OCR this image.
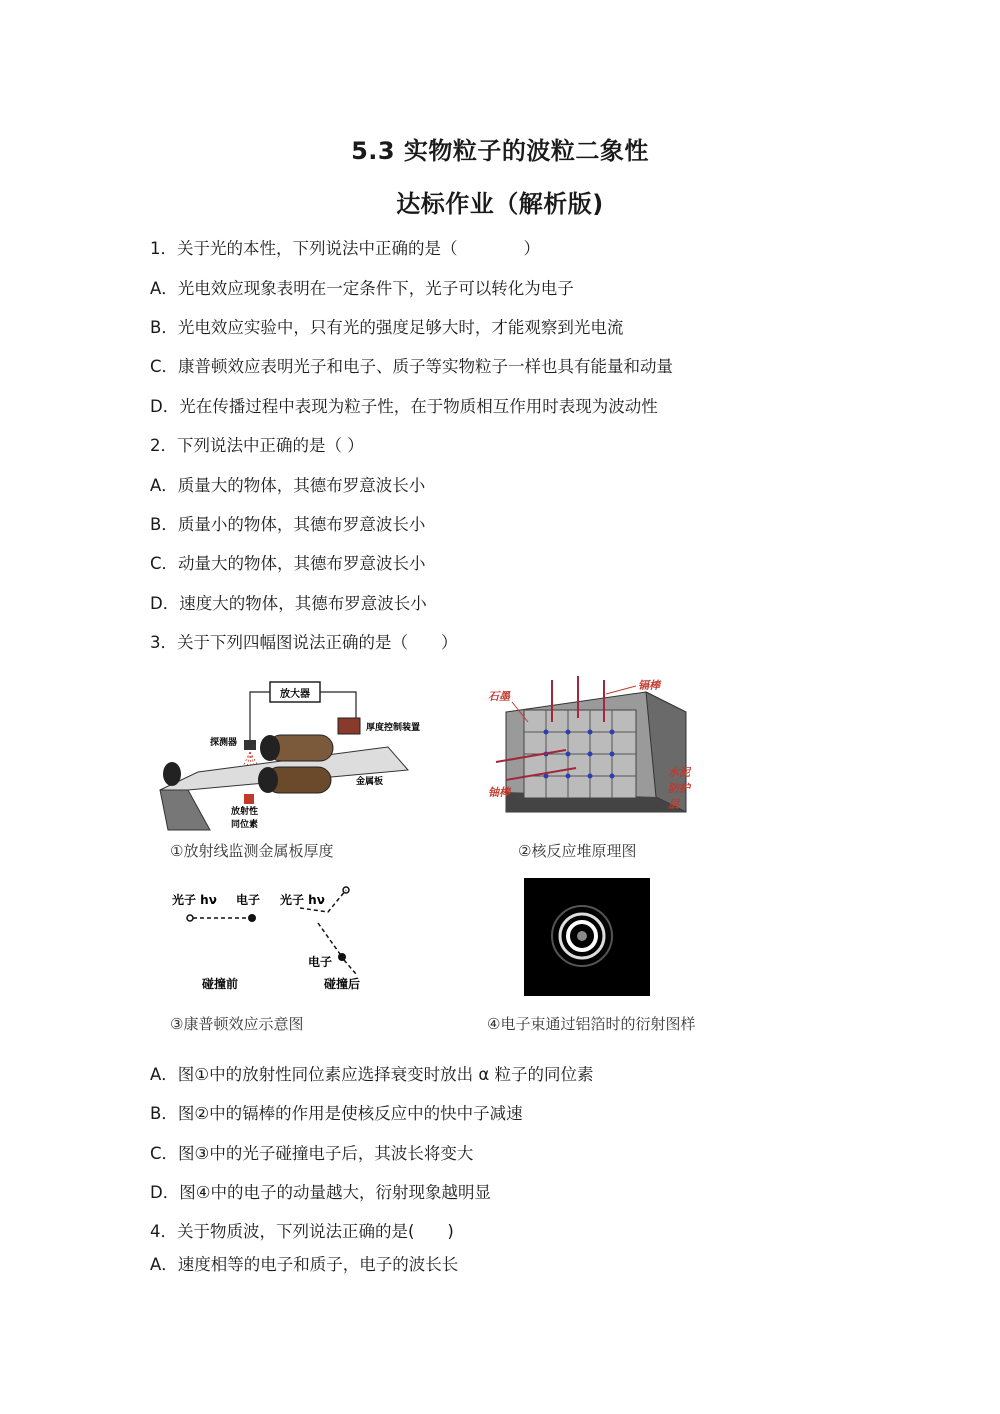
5.3 实物粒子的波粒二象性
达标作业（解析版)
1．关于光的本性，下列说法中正确的是（　　　　）
A．光电效应现象表明在一定条件下，光子可以转化为电子
B．光电效应实验中，只有光的强度足够大时，才能观察到光电流
C．康普顿效应表明光子和电子、质子等实物粒子一样也具有能量和动量
D．光在传播过程中表现为粒子性，在于物质相互作用时表现为波动性
2．下列说法中正确的是（ ）
A．质量大的物体，其德布罗意波长小
B．质量小的物体，其德布罗意波长小
C．动量大的物体，其德布罗意波长小
D．速度大的物体，其德布罗意波长小
3．关于下列四幅图说法正确的是（　　）
放大器
厚度控制装置
探测器
金属板
放射性
同位素
①放射线监测金属板厚度
石墨
镉棒
铀棒
水泥
防护
层
②核反应堆原理图
光子 hν 电子 光子 hν
电子
碰撞前	碰撞后
③康普顿效应示意图	④电子束通过铝箔时的衍射图样
A．图①中的放射性同位素应选择衰变时放出 α 粒子的同位素
B．图②中的镉棒的作用是使核反应中的快中子减速
C．图③中的光子碰撞电子后，其波长将变大
D．图④中的电子的动量越大，衍射现象越明显
4．关于物质波，下列说法正确的是(　　)
A．速度相等的电子和质子，电子的波长长
